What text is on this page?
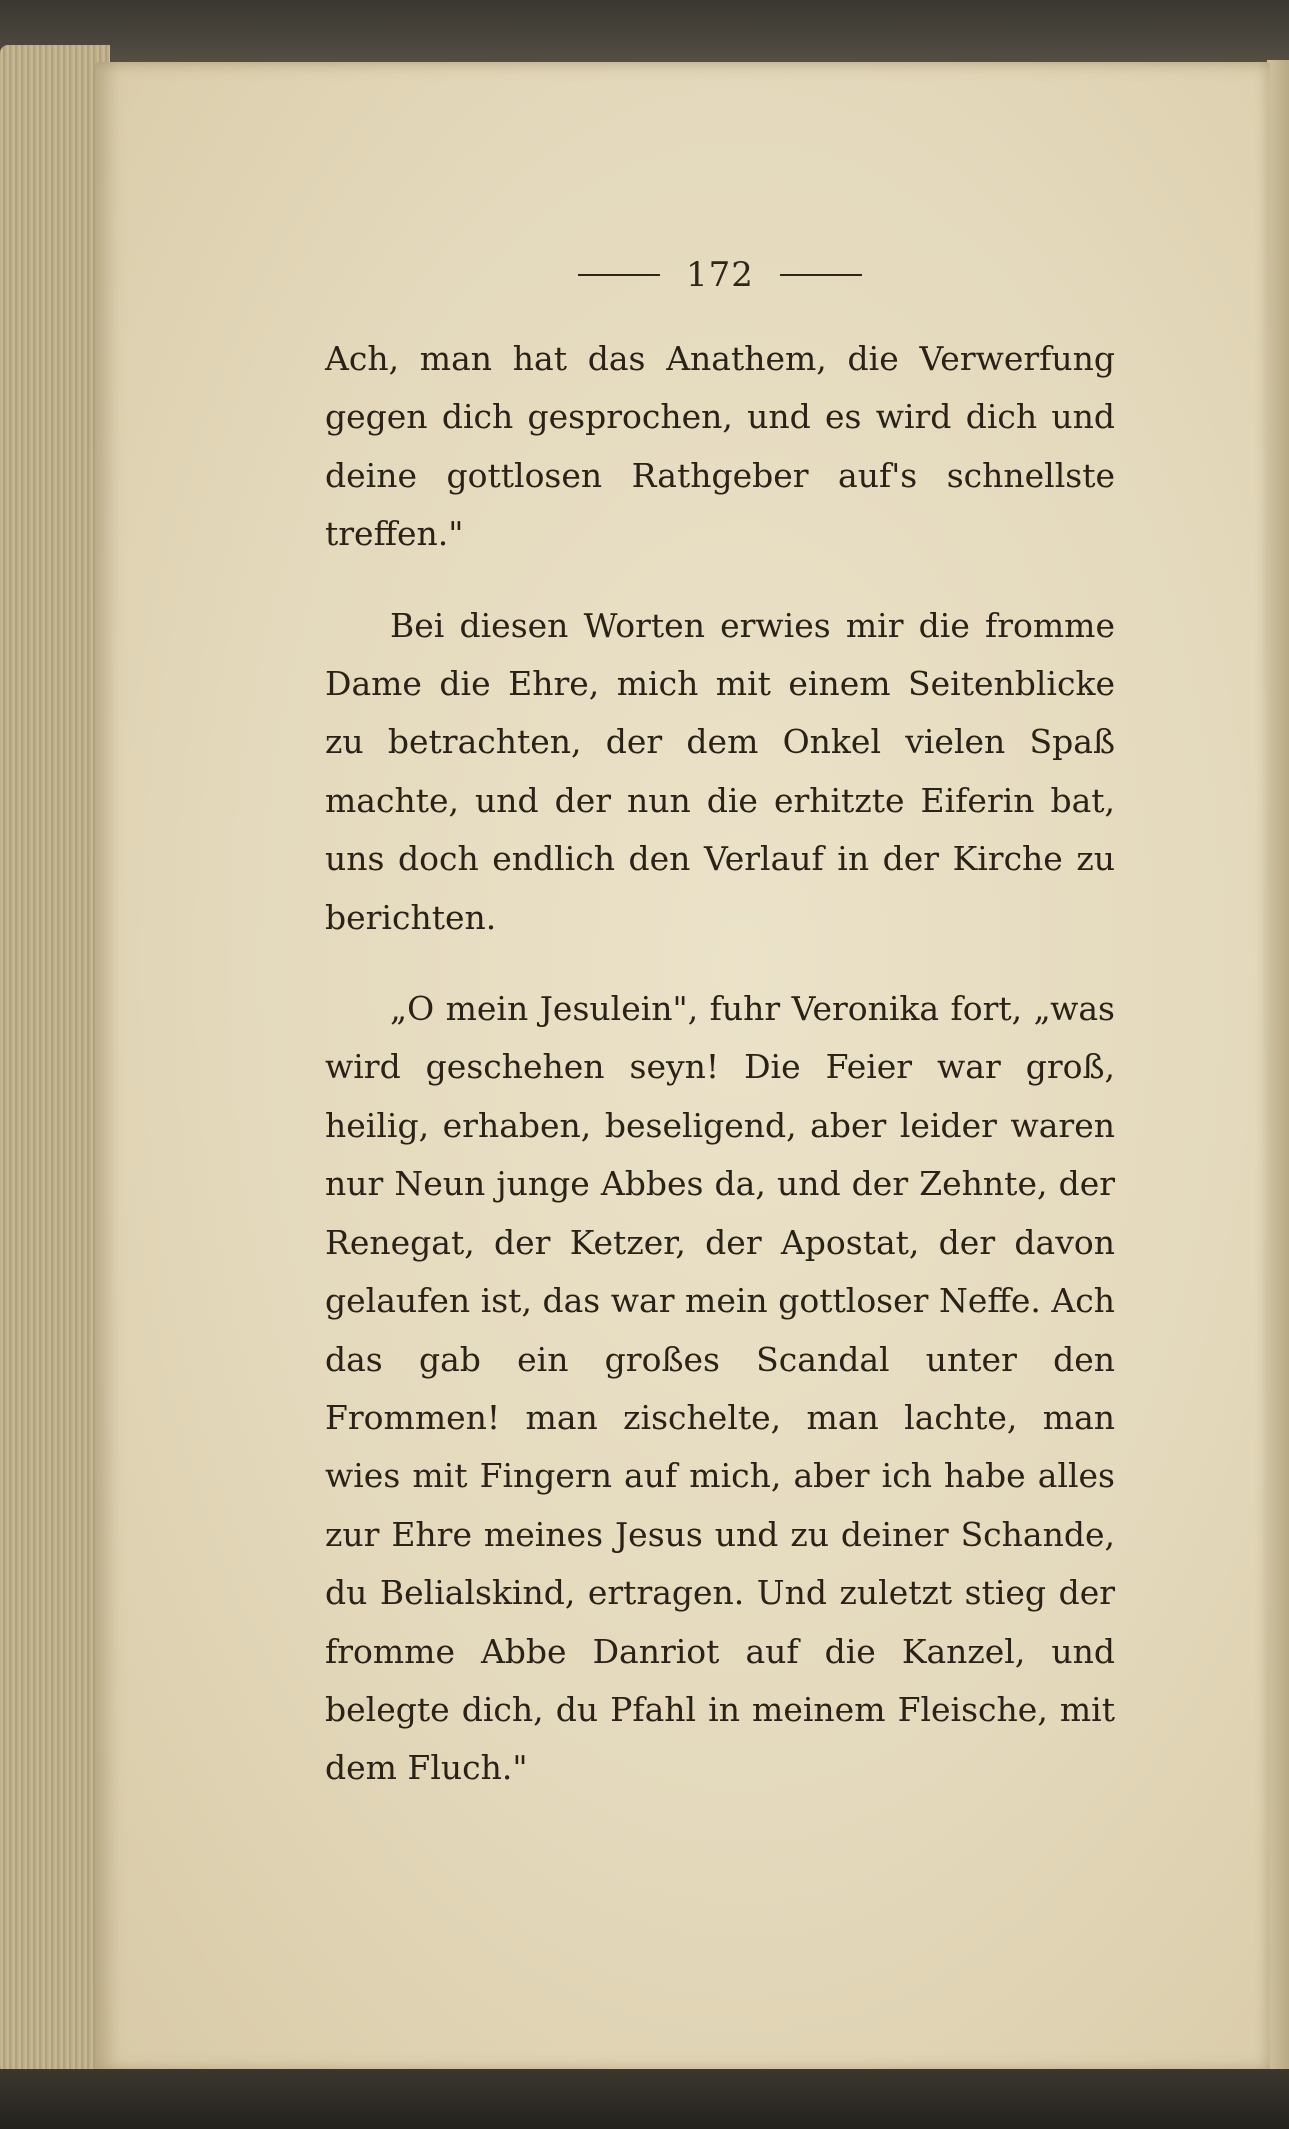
172

Ach, man hat das Anathem, die Verwerfung gegen dich gesprochen, und es wird dich und deine gottlosen Rathgeber auf's schnellste treffen."

Bei diesen Worten erwies mir die fromme Dame die Ehre, mich mit einem Seitenblicke zu betrachten, der dem Onkel vielen Spaß machte, und der nun die erhitzte Eiferin bat, uns doch endlich den Verlauf in der Kirche zu berichten.

„O mein Jesulein", fuhr Veronika fort, „was wird geschehen seyn! Die Feier war groß, heilig, erhaben, beseligend, aber leider waren nur Neun junge Abbes da, und der Zehnte, der Renegat, der Ketzer, der Apostat, der davon gelaufen ist, das war mein gottloser Neffe. Ach das gab ein großes Scandal unter den Frommen! man zischelte, man lachte, man wies mit Fingern auf mich, aber ich habe alles zur Ehre meines Jesus und zu deiner Schande, du Belialskind, ertragen. Und zuletzt stieg der fromme Abbe Danriot auf die Kanzel, und belegte dich, du Pfahl in meinem Fleische, mit dem Fluch."
